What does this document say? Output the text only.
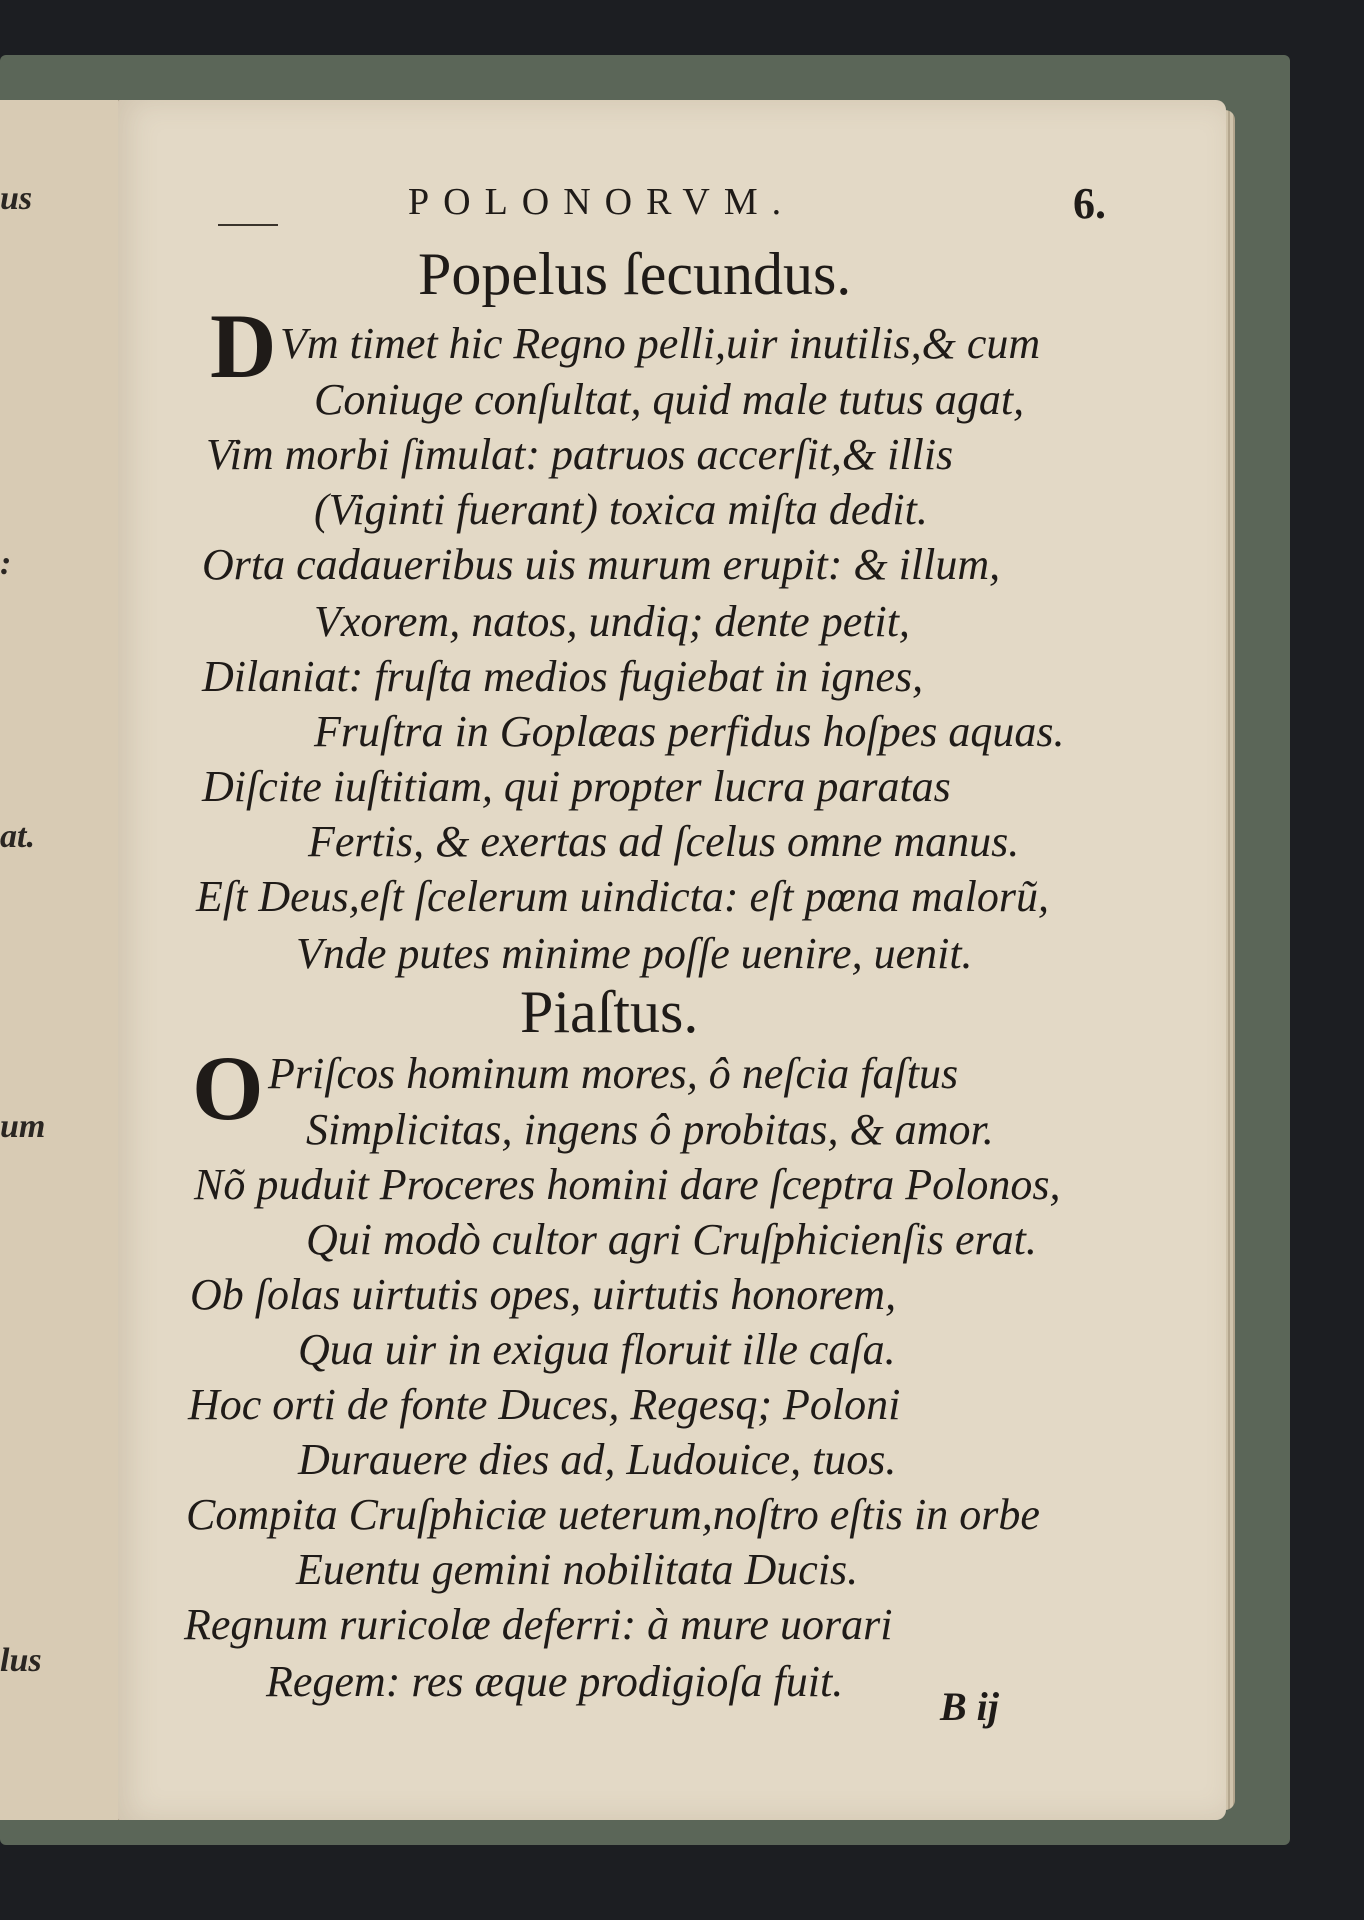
us
:
at.
um
lus
POLONORVM.	6.
Popelus ſecundus.
D Vm timet hic Regno pelli,uir inutilis,& cum
Coniuge conſultat, quid male tutus agat,
Vim morbi ſimulat: patruos accerſit,& illis
(Viginti fuerant) toxica miſta dedit.
Orta cadaueribus uis murum erupit: & illum,
Vxorem, natos, undiq; dente petit,
Dilaniat: fruſta medios fugiebat in ignes,
Fruſtra in Goplæas perfidus hoſpes aquas.
Diſcite iuſtitiam, qui propter lucra paratas
Fertis, & exertas ad ſcelus omne manus.
Eſt Deus,eſt ſcelerum uindicta: eſt pœna malorũ,
Vnde putes minime poſſe uenire, uenit.
Piaſtus.
O Priſcos hominum mores, ô neſcia faſtus
Simplicitas, ingens ô probitas, & amor.
Nõ puduit Proceres homini dare ſceptra Polonos,
Qui modò cultor agri Cruſphicienſis erat.
Ob ſolas uirtutis opes, uirtutis honorem,
Qua uir in exigua floruit ille caſa.
Hoc orti de fonte Duces, Regesq; Poloni
Durauere dies ad, Ludouice, tuos.
Compita Cruſphiciæ ueterum,noſtro eſtis in orbe
Euentu gemini nobilitata Ducis.
Regnum ruricolæ deferri: à mure uorari
Regem: res æque prodigioſa fuit.
B ij
